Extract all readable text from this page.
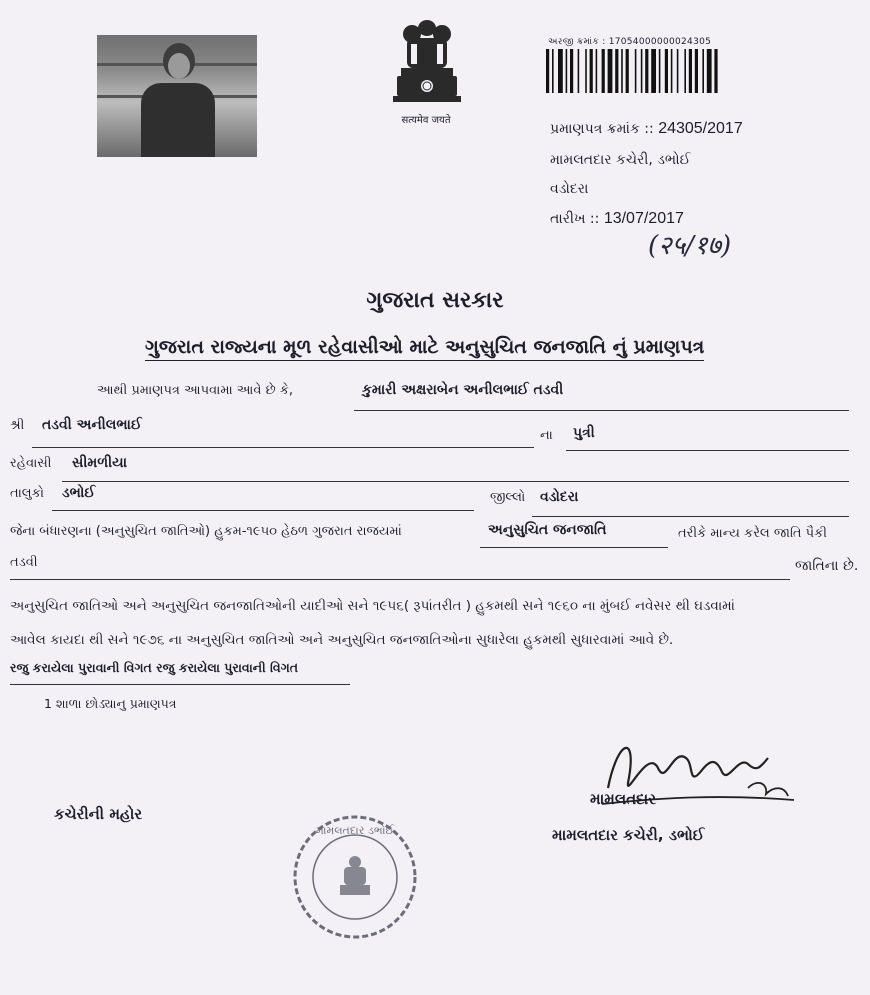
सत्यमेव जयते
અરજી ક્રમાંક : 17054000000024305
પ્રમાણપત્ર ક્રમાંક :: 24305/2017
મામલતદાર કચેરી, ડભોઈ
વડોદરા
તારીખ :: 13/07/2017
(२५/१७)
ગુજરાત સરકાર
ગુજરાત રાજ્યના મૂળ રહેવાસીઓ માટે અનુસુચિત જનજાતિ નું પ્રમાણપત્ર
આથી પ્રમાણપત્ર આપવામા આવે છે કે,	કુમારી અક્ષરાબેન અનીલભાઈ તડવી
શ્રી તડવી અનીલભાઈ
ના પુત્રી
રહેવાસી સીમળીયા
તાલુકો ડભોઈ	જીલ્લો વડોદરા
જેના બંધારણના (અનુસુચિત જાતિઓ) હુકમ-૧૯૫૦ હેઠળ ગુજરાત રાજયમાં	અનુસુચિત જનજાતિ	તરીકે માન્ય કરેલ જાતિ પૈકી
તડવી	જાતિના છે.
અનુસુચિત જાતિઓ અને અનુસુચિત જનજાતિઓની યાદીઓ સને ૧૯૫૬( રૂપાંતરીત ) હુકમથી સને ૧૯૬૦ ના મુંબઈ નવેસર થી ઘડવામાં
આવેલ કાયદા થી સને ૧૯૭૬ ના અનુસુચિત જાતિઓ અને અનુસુચિત જનજાતિઓના સુધારેલા હુકમથી સુધારવામાં આવે છે.
રજુ કરાયેલા પુરાવાની વિગત રજુ કરાયેલા પુરાવાની વિગત
1 શાળા છોડ્યાનુ પ્રમાણપત્ર
મામલતદાર
મામલતદાર કચેરી, ડભોઈ
કચેરીની મહોર
મામલતદાર ડભોઈ
